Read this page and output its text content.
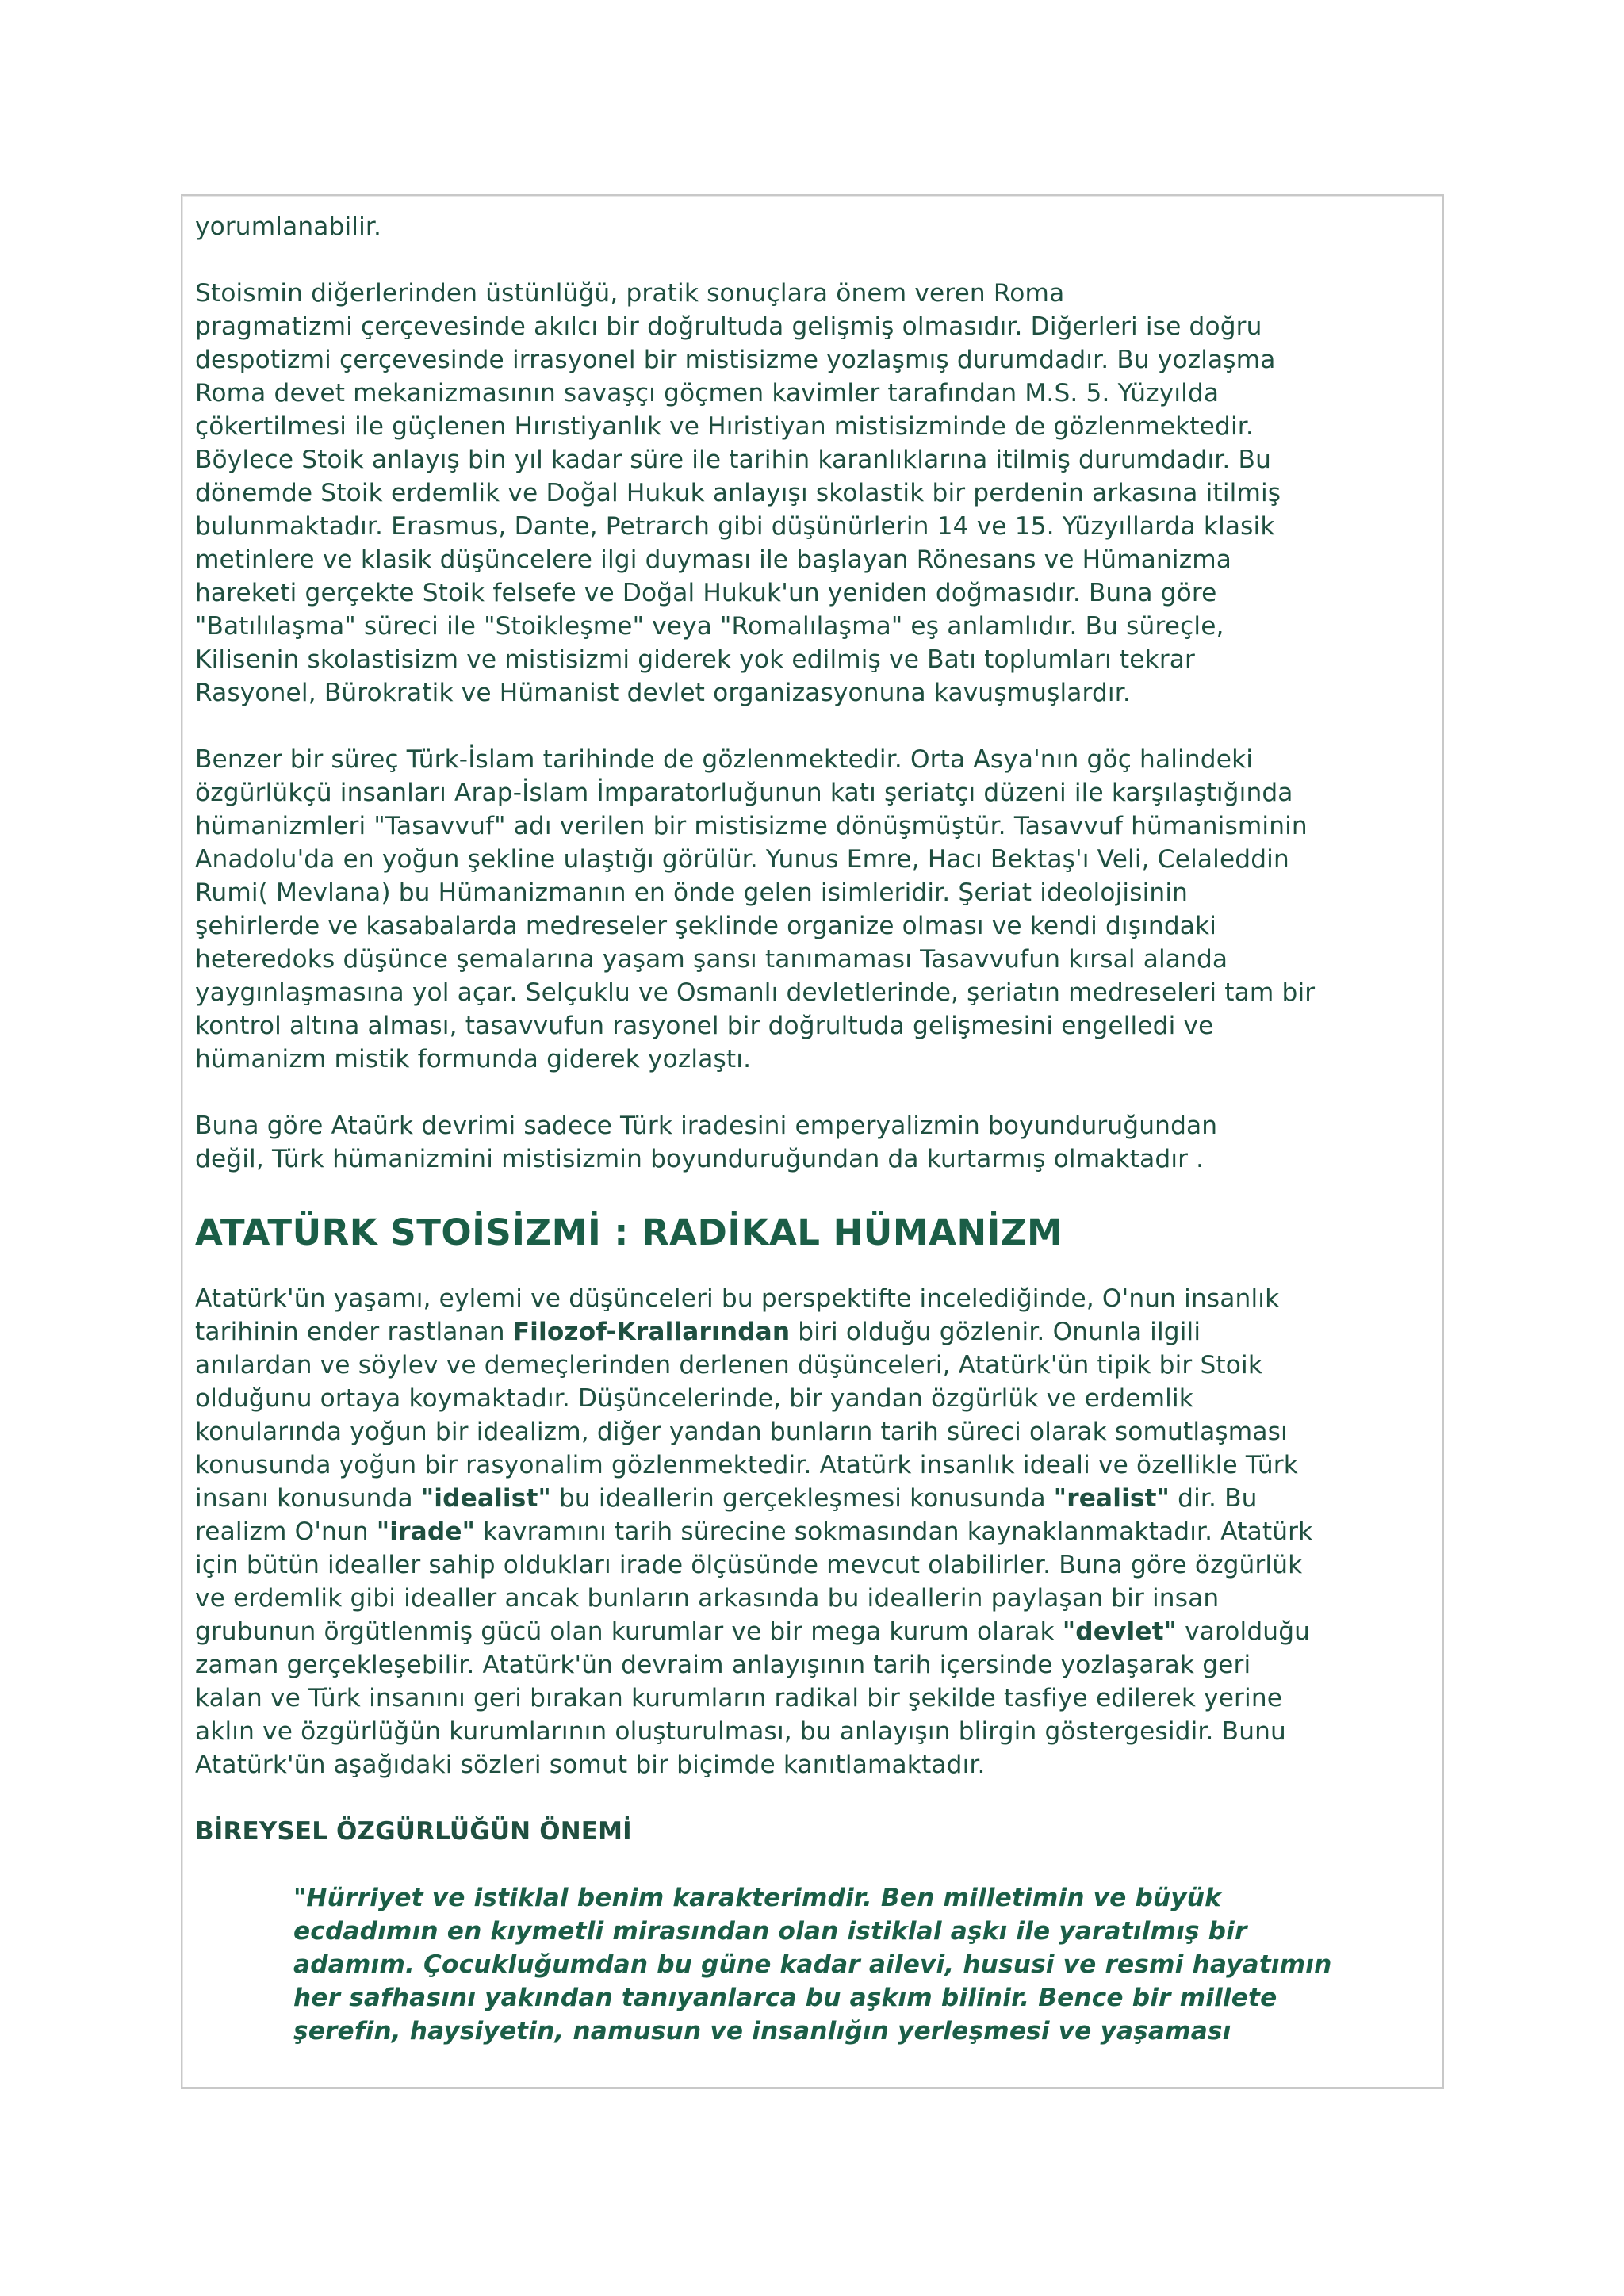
yorumlanabilir.

Stoismin diğerlerinden üstünlüğü, pratik sonuçlara önem veren Roma
pragmatizmi çerçevesinde akılcı bir doğrultuda gelişmiş olmasıdır. Diğerleri ise doğru
despotizmi çerçevesinde irrasyonel bir mistisizme yozlaşmış durumdadır. Bu yozlaşma
Roma devet mekanizmasının savaşçı göçmen kavimler tarafından M.S. 5. Yüzyılda
çökertilmesi ile güçlenen Hırıstiyanlık ve Hıristiyan mistisizminde de gözlenmektedir.
Böylece Stoik anlayış bin yıl kadar süre ile tarihin karanlıklarına itilmiş durumdadır. Bu
dönemde Stoik erdemlik ve Doğal Hukuk anlayışı skolastik bir perdenin arkasına itilmiş
bulunmaktadır. Erasmus, Dante, Petrarch gibi düşünürlerin 14 ve 15. Yüzyıllarda klasik
metinlere ve klasik düşüncelere ilgi duyması ile başlayan Rönesans ve Hümanizma
hareketi gerçekte Stoik felsefe ve Doğal Hukuk'un yeniden doğmasıdır. Buna göre
"Batılılaşma" süreci ile "Stoikleşme" veya "Romalılaşma" eş anlamlıdır. Bu süreçle,
Kilisenin skolastisizm ve mistisizmi giderek yok edilmiş ve Batı toplumları tekrar
Rasyonel, Bürokratik ve Hümanist devlet organizasyonuna kavuşmuşlardır.

Benzer bir süreç Türk-İslam tarihinde de gözlenmektedir. Orta Asya'nın göç halindeki
özgürlükçü insanları Arap-İslam İmparatorluğunun katı şeriatçı düzeni ile karşılaştığında
hümanizmleri "Tasavvuf" adı verilen bir mistisizme dönüşmüştür. Tasavvuf hümanisminin
Anadolu'da en yoğun şekline ulaştığı görülür. Yunus Emre, Hacı Bektaş'ı Veli, Celaleddin
Rumi( Mevlana) bu Hümanizmanın en önde gelen isimleridir. Şeriat ideolojisinin
şehirlerde ve kasabalarda medreseler şeklinde organize olması ve kendi dışındaki
heteredoks düşünce şemalarına yaşam şansı tanımaması Tasavvufun kırsal alanda
yaygınlaşmasına yol açar. Selçuklu ve Osmanlı devletlerinde, şeriatın medreseleri tam bir
kontrol altına alması, tasavvufun rasyonel bir doğrultuda gelişmesini engelledi ve
hümanizm mistik formunda giderek yozlaştı.

Buna göre Ataürk devrimi sadece Türk iradesini emperyalizmin boyunduruğundan
değil, Türk hümanizmini mistisizmin boyunduruğundan da kurtarmış olmaktadır .

ATATÜRK STOİSİZMİ : RADİKAL HÜMANİZM

Atatürk'ün yaşamı, eylemi ve düşünceleri bu perspektifte incelediğinde, O'nun insanlık
tarihinin ender rastlanan Filozof-Krallarından biri olduğu gözlenir. Onunla ilgili
anılardan ve söylev ve demeçlerinden derlenen düşünceleri, Atatürk'ün tipik bir Stoik
olduğunu ortaya koymaktadır. Düşüncelerinde, bir yandan özgürlük ve erdemlik
konularında yoğun bir idealizm, diğer yandan bunların tarih süreci olarak somutlaşması
konusunda yoğun bir rasyonalim gözlenmektedir. Atatürk insanlık ideali ve özellikle Türk
insanı konusunda "idealist" bu ideallerin gerçekleşmesi konusunda "realist" dir. Bu
realizm O'nun "irade" kavramını tarih sürecine sokmasından kaynaklanmaktadır. Atatürk
için bütün idealler sahip oldukları irade ölçüsünde mevcut olabilirler. Buna göre özgürlük
ve erdemlik gibi idealler ancak bunların arkasında bu ideallerin paylaşan bir insan
grubunun örgütlenmiş gücü olan kurumlar ve bir mega kurum olarak "devlet" varolduğu
zaman gerçekleşebilir. Atatürk'ün devraim anlayışının tarih içersinde yozlaşarak geri
kalan ve Türk insanını geri bırakan kurumların radikal bir şekilde tasfiye edilerek yerine
aklın ve özgürlüğün kurumlarının oluşturulması, bu anlayışın blirgin göstergesidir. Bunu
Atatürk'ün aşağıdaki sözleri somut bir biçimde kanıtlamaktadır.

BİREYSEL ÖZGÜRLÜĞÜN ÖNEMİ
"Hürriyet ve istiklal benim karakterimdir. Ben milletimin ve büyük
ecdadımın en kıymetli mirasından olan istiklal aşkı ile yaratılmış bir
adamım. Çocukluğumdan bu güne kadar ailevi, hususi ve resmi hayatımın
her safhasını yakından tanıyanlarca bu aşkım bilinir. Bence bir millete
şerefin, haysiyetin, namusun ve insanlığın yerleşmesi ve yaşaması
